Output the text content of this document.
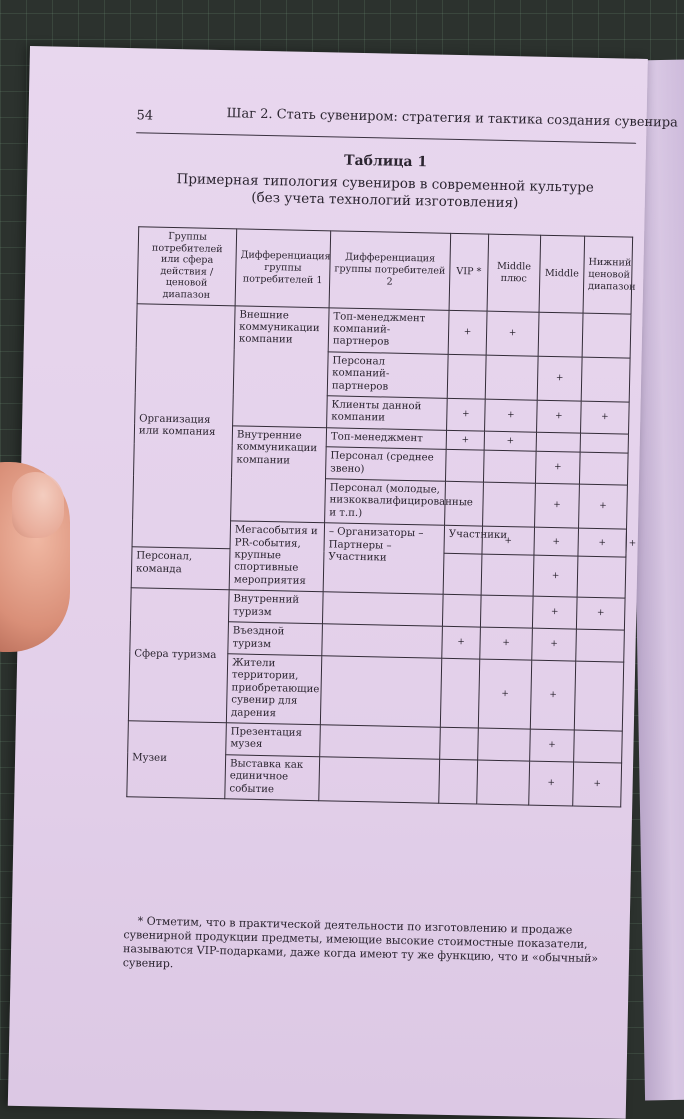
54	Шаг 2. Стать сувениром: стратегия и тактика создания сувенира
Таблица 1
Примерная типология сувениров в современной культуре
(без учета технологий изготовления)
Группы потребителей или сфера действия / ценовой диапазон	Дифференциация группы потребителей 1	Дифференциация группы потребителей 2	VIP *	Middle плюс	Middle	Нижний ценовой диапазон	
Организация или компания	Внешние коммуникации компании	Топ-менеджмент компаний-партнеров	+	+			
		Персонал компаний-партнеров			+		
		Клиенты данной компании	+	+	+	+	
	Внутренние коммуникации компании	Топ-менеджмент	+	+			
		Персонал (среднее звено)			+		
		Персонал (молодые, низкоквалифицированные и т.п.)			+	+	
	Мегасобытия и PR-события, крупные спортивные мероприятия	– Организаторы – Партнеры – Участники	Участники	+	+	+	+
Персонал, команда					+		
Сфера туризма	Внутренний туризм				+	+	
	Въездной туризм		+	+	+		
	Жители территории, приобретающие сувенир для дарения			+	+		
Музеи	Презентация музея				+		
	Выставка как единичное событие				+	+	
* Отметим, что в практической деятельности по изготовлению и продаже сувенирной продукции предметы, имеющие высокие стоимостные показатели, называются VIP-подарками, даже когда имеют ту же функцию, что и «обычный» сувенир.
